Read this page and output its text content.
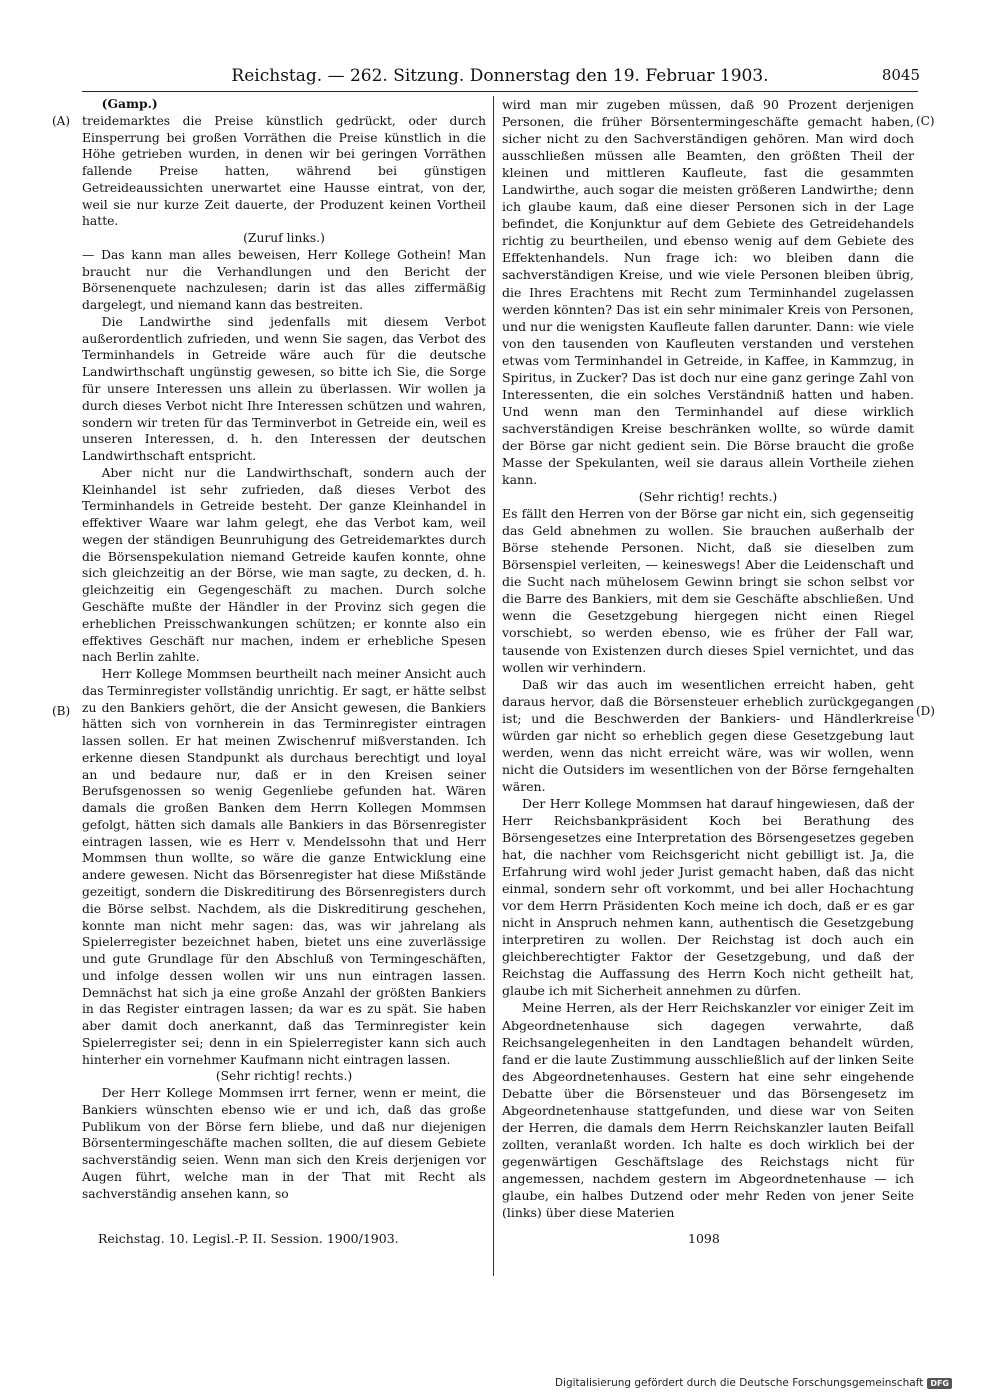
Reichstag. — 262. Sitzung. Donnerstag den 19. Februar 1903.	8045
(A)
(B)
(C)
(D)

(Gamp.)

treidemarktes die Preise künstlich gedrückt, oder durch Einsperrung bei großen Vorräthen die Preise künstlich in die Höhe getrieben wurden, in denen wir bei geringen Vorräthen fallende Preise hatten, während bei günstigen Getreideaussichten unerwartet eine Hausse eintrat, von der, weil sie nur kurze Zeit dauerte, der Produzent keinen Vortheil hatte.

(Zuruf links.)

— Das kann man alles beweisen, Herr Kollege Gothein! Man braucht nur die Verhandlungen und den Bericht der Börsenenquete nachzulesen; darin ist das alles ziffermäßig dargelegt, und niemand kann das bestreiten.

Die Landwirthe sind jedenfalls mit diesem Verbot außerordentlich zufrieden, und wenn Sie sagen, das Verbot des Terminhandels in Getreide wäre auch für die deutsche Landwirthschaft ungünstig gewesen, so bitte ich Sie, die Sorge für unsere Interessen uns allein zu überlassen. Wir wollen ja durch dieses Verbot nicht Ihre Interessen schützen und wahren, sondern wir treten für das Terminverbot in Getreide ein, weil es unseren Interessen, d. h. den Interessen der deutschen Landwirthschaft entspricht.

Aber nicht nur die Landwirthschaft, sondern auch der Kleinhandel ist sehr zufrieden, daß dieses Verbot des Terminhandels in Getreide besteht. Der ganze Kleinhandel in effektiver Waare war lahm gelegt, ehe das Verbot kam, weil wegen der ständigen Beunruhigung des Getreidemarktes durch die Börsenspekulation niemand Getreide kaufen konnte, ohne sich gleichzeitig an der Börse, wie man sagte, zu decken, d. h. gleichzeitig ein Gegengeschäft zu machen. Durch solche Geschäfte mußte der Händler in der Provinz sich gegen die erheblichen Preisschwankungen schützen; er konnte also ein effektives Geschäft nur machen, indem er erhebliche Spesen nach Berlin zahlte.

Herr Kollege Mommsen beurtheilt nach meiner Ansicht auch das Terminregister vollständig unrichtig. Er sagt, er hätte selbst zu den Bankiers gehört, die der Ansicht gewesen, die Bankiers hätten sich von vornherein in das Terminregister eintragen lassen sollen. Er hat meinen Zwischenruf mißverstanden. Ich erkenne diesen Standpunkt als durchaus berechtigt und loyal an und bedaure nur, daß er in den Kreisen seiner Berufsgenossen so wenig Gegenliebe gefunden hat. Wären damals die großen Banken dem Herrn Kollegen Mommsen gefolgt, hätten sich damals alle Bankiers in das Börsenregister eintragen lassen, wie es Herr v. Mendelssohn that und Herr Mommsen thun wollte, so wäre die ganze Entwicklung eine andere gewesen. Nicht das Börsenregister hat diese Mißstände gezeitigt, sondern die Diskreditirung des Börsenregisters durch die Börse selbst. Nachdem, als die Diskreditirung geschehen, konnte man nicht mehr sagen: das, was wir jahrelang als Spielerregister bezeichnet haben, bietet uns eine zuverlässige und gute Grundlage für den Abschluß von Termingeschäften, und infolge dessen wollen wir uns nun eintragen lassen. Demnächst hat sich ja eine große Anzahl der größten Bankiers in das Register eintragen lassen; da war es zu spät. Sie haben aber damit doch anerkannt, daß das Terminregister kein Spielerregister sei; denn in ein Spielerregister kann sich auch hinterher ein vornehmer Kaufmann nicht eintragen lassen.

(Sehr richtig! rechts.)

Der Herr Kollege Mommsen irrt ferner, wenn er meint, die Bankiers wünschten ebenso wie er und ich, daß das große Publikum von der Börse fern bliebe, und daß nur diejenigen Börsentermingeschäfte machen sollten, die auf diesem Gebiete sachverständig seien. Wenn man sich den Kreis derjenigen vor Augen führt, welche man in der That mit Recht als sachverständig ansehen kann, so

wird man mir zugeben müssen, daß 90 Prozent derjenigen Personen, die früher Börsentermingeschäfte gemacht haben, sicher nicht zu den Sachverständigen gehören. Man wird doch ausschließen müssen alle Beamten, den größten Theil der kleinen und mittleren Kaufleute, fast die gesammten Landwirthe, auch sogar die meisten größeren Landwirthe; denn ich glaube kaum, daß eine dieser Personen sich in der Lage befindet, die Konjunktur auf dem Gebiete des Getreidehandels richtig zu beurtheilen, und ebenso wenig auf dem Gebiete des Effektenhandels. Nun frage ich: wo bleiben dann die sachverständigen Kreise, und wie viele Personen bleiben übrig, die Ihres Erachtens mit Recht zum Terminhandel zugelassen werden könnten? Das ist ein sehr minimaler Kreis von Personen, und nur die wenigsten Kaufleute fallen darunter. Dann: wie viele von den tausenden von Kaufleuten verstanden und verstehen etwas vom Terminhandel in Getreide, in Kaffee, in Kammzug, in Spiritus, in Zucker? Das ist doch nur eine ganz geringe Zahl von Interessenten, die ein solches Verständniß hatten und haben. Und wenn man den Terminhandel auf diese wirklich sachverständigen Kreise beschränken wollte, so würde damit der Börse gar nicht gedient sein. Die Börse braucht die große Masse der Spekulanten, weil sie daraus allein Vortheile ziehen kann.

(Sehr richtig! rechts.)

Es fällt den Herren von der Börse gar nicht ein, sich gegenseitig das Geld abnehmen zu wollen. Sie brauchen außerhalb der Börse stehende Personen. Nicht, daß sie dieselben zum Börsenspiel verleiten, — keineswegs! Aber die Leidenschaft und die Sucht nach mühelosem Gewinn bringt sie schon selbst vor die Barre des Bankiers, mit dem sie Geschäfte abschließen. Und wenn die Gesetzgebung hiergegen nicht einen Riegel vorschiebt, so werden ebenso, wie es früher der Fall war, tausende von Existenzen durch dieses Spiel vernichtet, und das wollen wir verhindern.

Daß wir das auch im wesentlichen erreicht haben, geht daraus hervor, daß die Börsensteuer erheblich zurückgegangen ist; und die Beschwerden der Bankiers- und Händlerkreise würden gar nicht so erheblich gegen diese Gesetzgebung laut werden, wenn das nicht erreicht wäre, was wir wollen, wenn nicht die Outsiders im wesentlichen von der Börse ferngehalten wären.

Der Herr Kollege Mommsen hat darauf hingewiesen, daß der Herr Reichsbankpräsident Koch bei Berathung des Börsengesetzes eine Interpretation des Börsengesetzes gegeben hat, die nachher vom Reichsgericht nicht gebilligt ist. Ja, die Erfahrung wird wohl jeder Jurist gemacht haben, daß das nicht einmal, sondern sehr oft vorkommt, und bei aller Hochachtung vor dem Herrn Präsidenten Koch meine ich doch, daß er es gar nicht in Anspruch nehmen kann, authentisch die Gesetzgebung interpretiren zu wollen. Der Reichstag ist doch auch ein gleichberechtigter Faktor der Gesetzgebung, und daß der Reichstag die Auffassung des Herrn Koch nicht getheilt hat, glaube ich mit Sicherheit annehmen zu dürfen.

Meine Herren, als der Herr Reichskanzler vor einiger Zeit im Abgeordnetenhause sich dagegen verwahrte, daß Reichsangelegenheiten in den Landtagen behandelt würden, fand er die laute Zustimmung ausschließlich auf der linken Seite des Abgeordnetenhauses. Gestern hat eine sehr eingehende Debatte über die Börsensteuer und das Börsengesetz im Abgeordnetenhause stattgefunden, und diese war von Seiten der Herren, die damals dem Herrn Reichskanzler lauten Beifall zollten, veranlaßt worden. Ich halte es doch wirklich bei der gegenwärtigen Geschäftslage des Reichstags nicht für angemessen, nachdem gestern im Abgeordnetenhause — ich glaube, ein halbes Dutzend oder mehr Reden von jener Seite (links) über diese Materien

Reichstag. 10. Legisl.-P. II. Session. 1900/1903.	1098
Digitalisierung gefördert durch die Deutsche Forschungsgemeinschaft DFG
